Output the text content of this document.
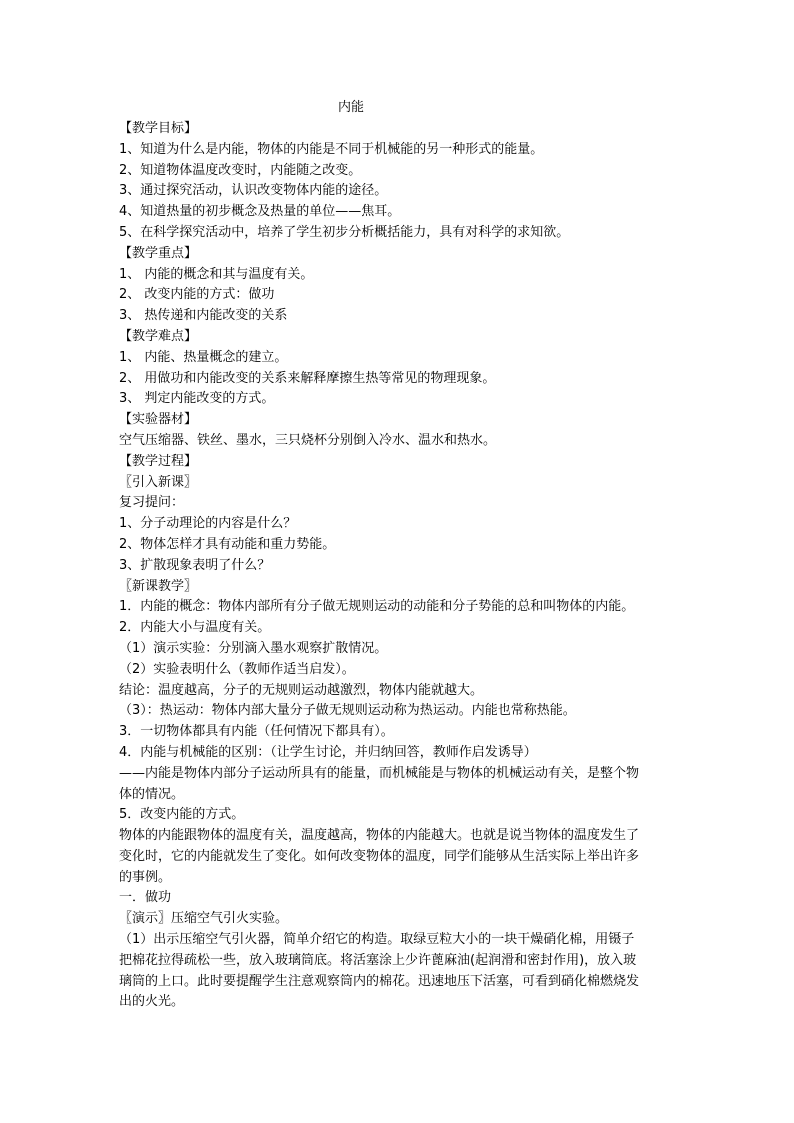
内能
【教学目标】
1、知道为什么是内能，物体的内能是不同于机械能的另一种形式的能量。
2、知道物体温度改变时，内能随之改变。
3、通过探究活动，认识改变物体内能的途径。
4、知道热量的初步概念及热量的单位——焦耳。
5、在科学探究活动中，培养了学生初步分析概括能力，具有对科学的求知欲。
【教学重点】
1、 内能的概念和其与温度有关。
2、 改变内能的方式：做功
3、 热传递和内能改变的关系
【教学难点】
1、 内能、热量概念的建立。
2、 用做功和内能改变的关系来解释摩擦生热等常见的物理现象。
3、 判定内能改变的方式。
【实验器材】
空气压缩器、铁丝、墨水，三只烧杯分别倒入冷水、温水和热水。
【教学过程】
〖引入新课〗
复习提问：
1、分子动理论的内容是什么？
2、物体怎样才具有动能和重力势能。
3、扩散现象表明了什么？
〖新课教学〗
1．内能的概念：物体内部所有分子做无规则运动的动能和分子势能的总和叫物体的内能。
2．内能大小与温度有关。
（1）演示实验：分别滴入墨水观察扩散情况。
（2）实验表明什么（教师作适当启发）。
结论：温度越高，分子的无规则运动越激烈，物体内能就越大。
（3）：热运动：物体内部大量分子做无规则运动称为热运动。内能也常称热能。
3．一切物体都具有内能（任何情况下都具有）。
4．内能与机械能的区别：（让学生讨论，并归纳回答，教师作启发诱导）
——内能是物体内部分子运动所具有的能量，而机械能是与物体的机械运动有关，是整个物
体的情况。
5．改变内能的方式。
物体的内能跟物体的温度有关，温度越高，物体的内能越大。也就是说当物体的温度发生了
变化时，它的内能就发生了变化。如何改变物体的温度，同学们能够从生活实际上举出许多
的事例。
一．做功
〖演示〗压缩空气引火实验。
（1）出示压缩空气引火器，简单介绍它的构造。取绿豆粒大小的一块干燥硝化棉，用镊子
把棉花拉得疏松一些，放入玻璃筒底。将活塞涂上少许蓖麻油(起润滑和密封作用)，放入玻
璃筒的上口。此时要提醒学生注意观察筒内的棉花。迅速地压下活塞，可看到硝化棉燃烧发
出的火光。
